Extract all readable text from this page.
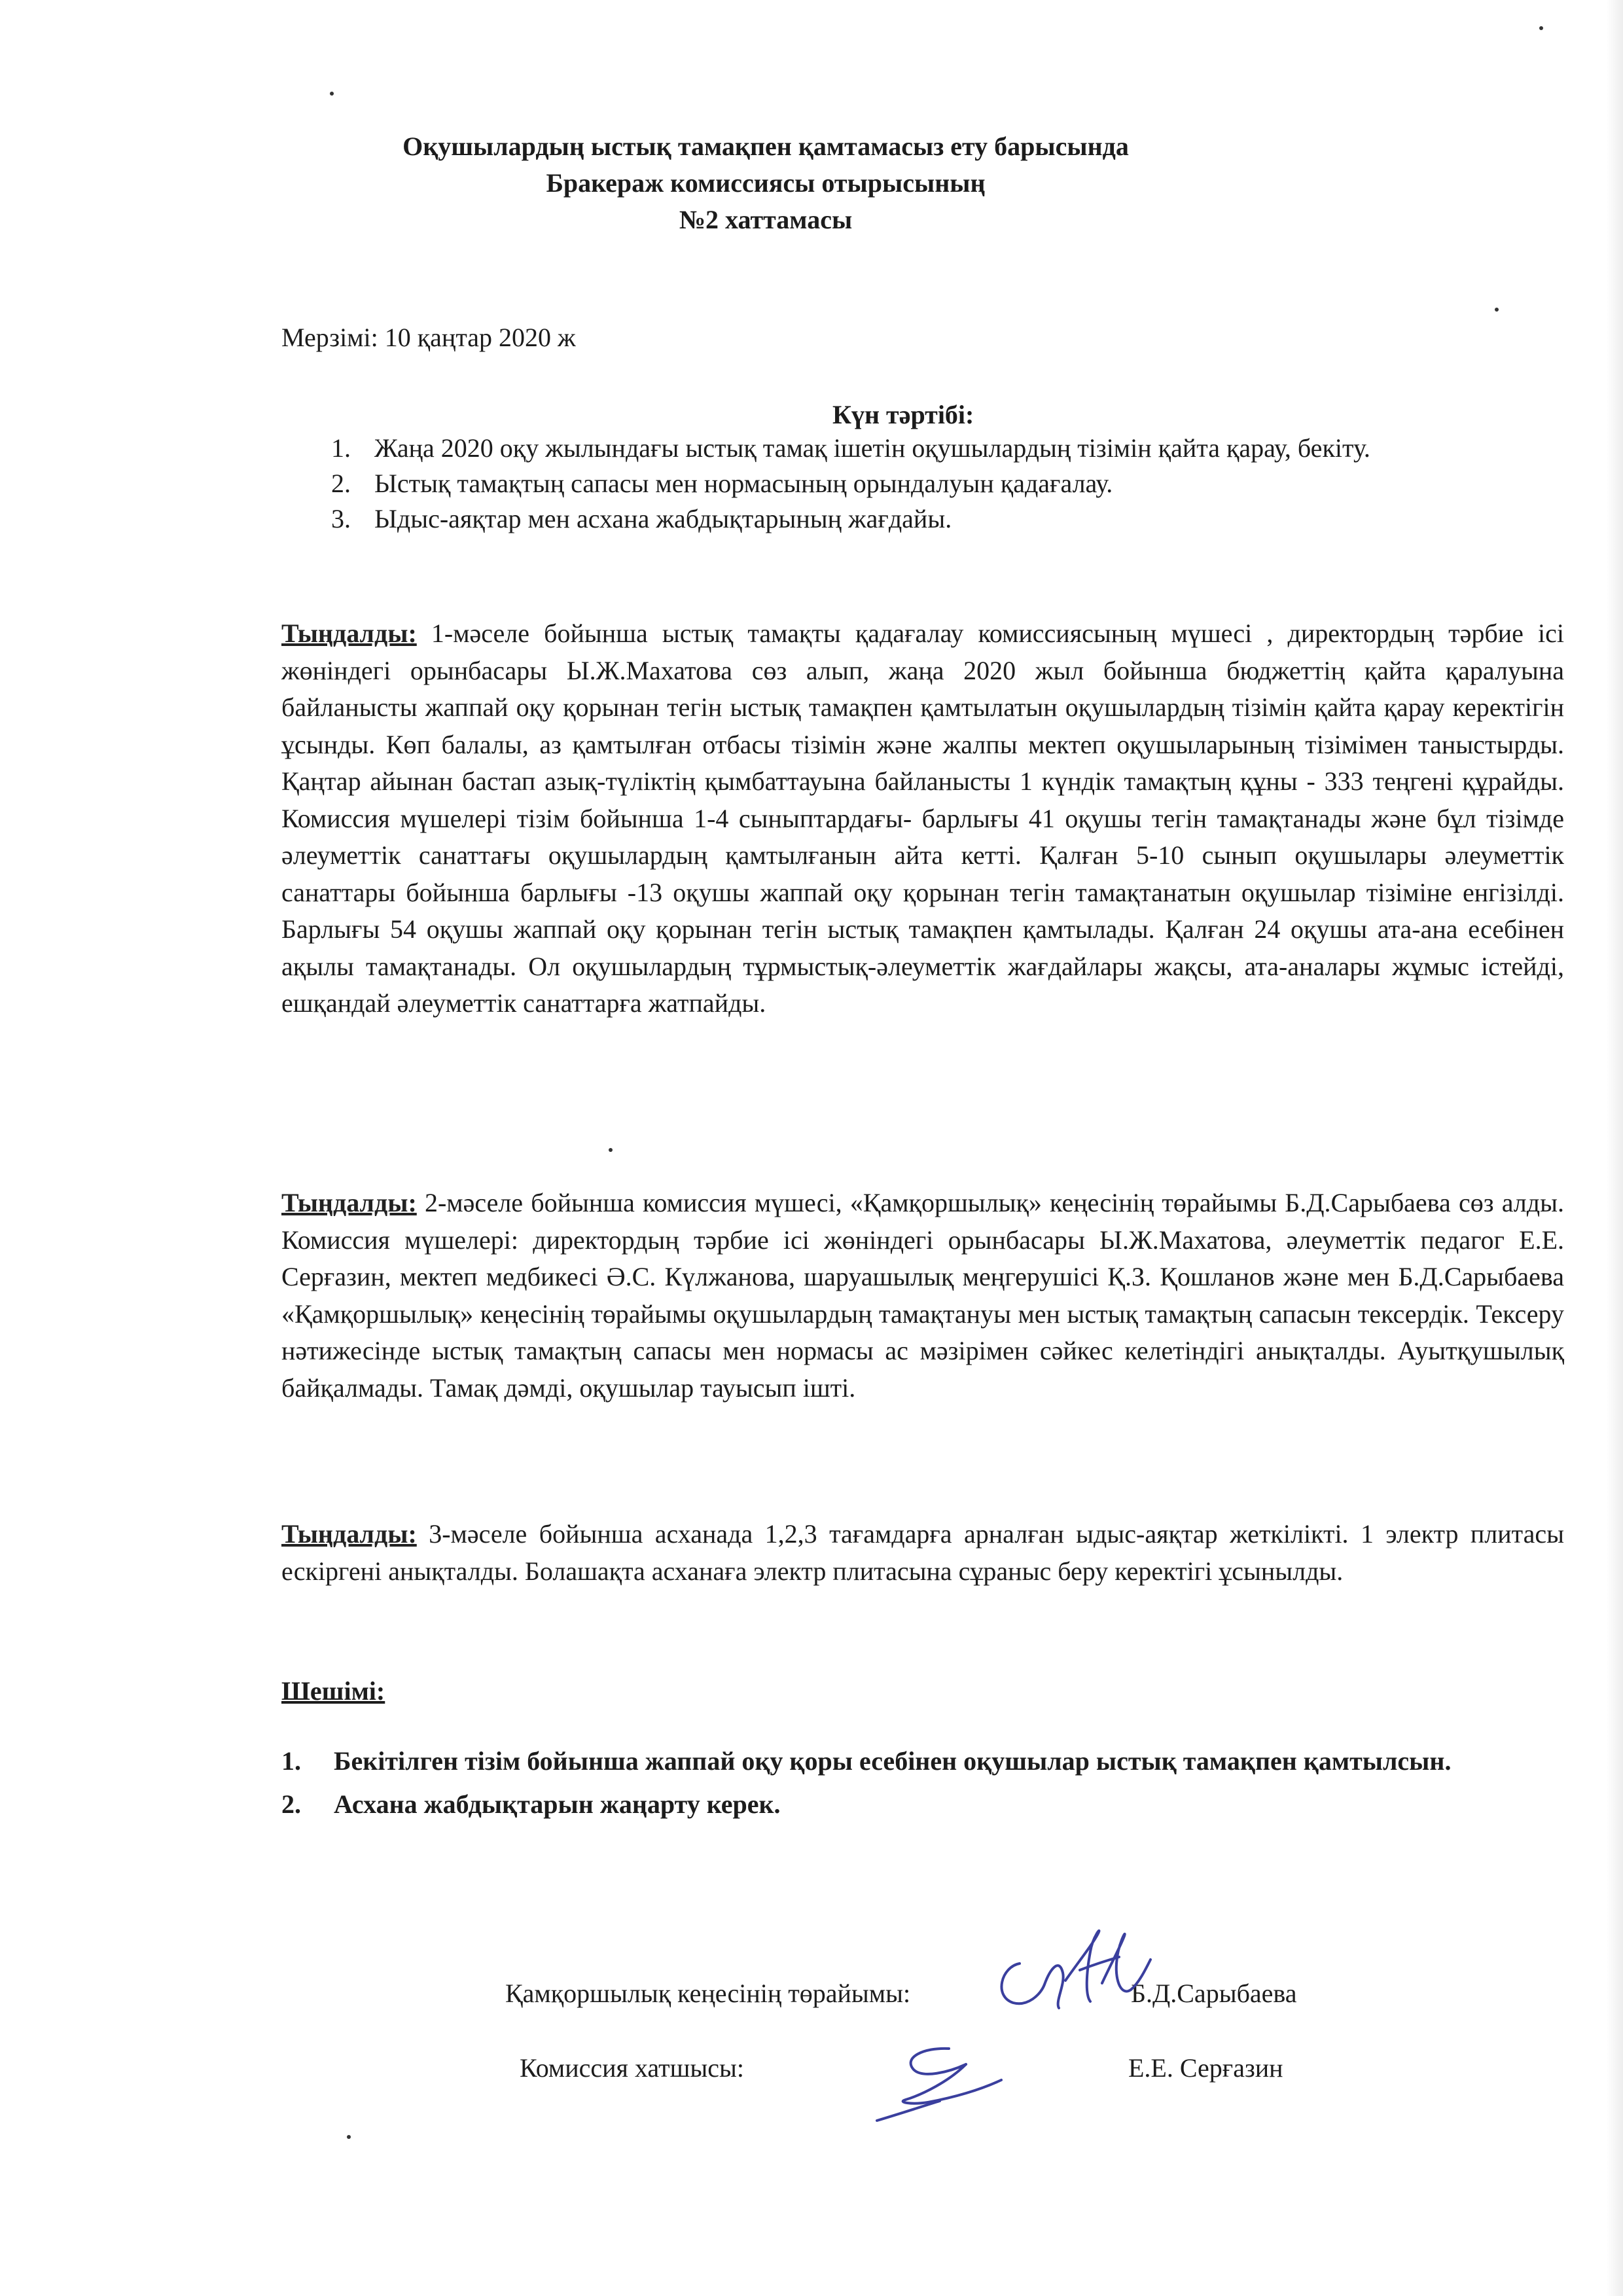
Оқушылардың ыстық тамақпен қамтамасыз ету барысында
Бракераж комиссиясы отырысының
№2 хаттамасы
Мерзімі: 10 қаңтар 2020 ж
Күн тәртібі:
1. Жаңа 2020 оқу жылындағы ыстық тамақ ішетін оқушылардың тізімін қайта қарау, бекіту.
2. Ыстық тамақтың сапасы мен нормасының орындалуын қадағалау.
3. Ыдыс-аяқтар мен асхана жабдықтарының жағдайы.
Тыңдалды: 1-мәселе бойынша ыстық тамақты қадағалау комиссиясының мүшесі , директордың тәрбие ісі жөніндегі орынбасары Ы.Ж.Махатова сөз алып, жаңа 2020 жыл бойынша бюджеттің қайта қаралуына байланысты жаппай оқу қорынан тегін ыстық тамақпен қамтылатын оқушылардың тізімін қайта қарау керектігін ұсынды. Көп балалы, аз қамтылған отбасы тізімін және жалпы мектеп оқушыларының тізімімен таныстырды. Қаңтар айынан бастап азық-түліктің қымбаттауына байланысты 1 күндік тамақтың құны - 333 теңгені құрайды. Комиссия мүшелері тізім бойынша 1-4 сыныптардағы- барлығы 41 оқушы тегін тамақтанады және бұл тізімде әлеуметтік санаттағы оқушылардың қамтылғанын айта кетті. Қалған 5-10 сынып оқушылары әлеуметтік санаттары бойынша барлығы -13 оқушы жаппай оқу қорынан тегін тамақтанатын оқушылар тізіміне енгізілді. Барлығы 54 оқушы жаппай оқу қорынан тегін ыстық тамақпен қамтылады. Қалған 24 оқушы ата-ана есебінен ақылы тамақтанады. Ол оқушылардың тұрмыстық-әлеуметтік жағдайлары жақсы, ата-аналары жұмыс істейді, ешқандай әлеуметтік санаттарға жатпайды.
Тыңдалды: 2-мәселе бойынша комиссия мүшесі, «Қамқоршылық» кеңесінің төрайымы Б.Д.Сарыбаева сөз алды. Комиссия мүшелері: директордың тәрбие ісі жөніндегі орынбасары Ы.Ж.Махатова, әлеуметтік педагог Е.Е. Серғазин, мектеп медбикесі Ә.С. Күлжанова, шаруашылық меңгерушісі Қ.З. Қошланов және мен Б.Д.Сарыбаева «Қамқоршылық» кеңесінің төрайымы оқушылардың тамақтануы мен ыстық тамақтың сапасын тексердік. Тексеру нәтижесінде ыстық тамақтың сапасы мен нормасы ас мәзірімен сәйкес келетіндігі анықталды. Ауытқушылық байқалмады. Тамақ дәмді, оқушылар тауысып ішті.
Тыңдалды: 3-мәселе бойынша асханада 1,2,3 тағамдарға арналған ыдыс-аяқтар жеткілікті. 1 электр плитасы ескіргені анықталды. Болашақта асханаға электр плитасына сұраныс беру керектігі ұсынылды.
Шешімі:
1. Бекітілген тізім бойынша жаппай оқу қоры есебінен оқушылар ыстық тамақпен қамтылсын.
2. Асхана жабдықтарын жаңарту керек.
Қамқоршылық кеңесінің төрайымы:	Б.Д.Сарыбаева
Комиссия хатшысы:	Е.Е. Серғазин
